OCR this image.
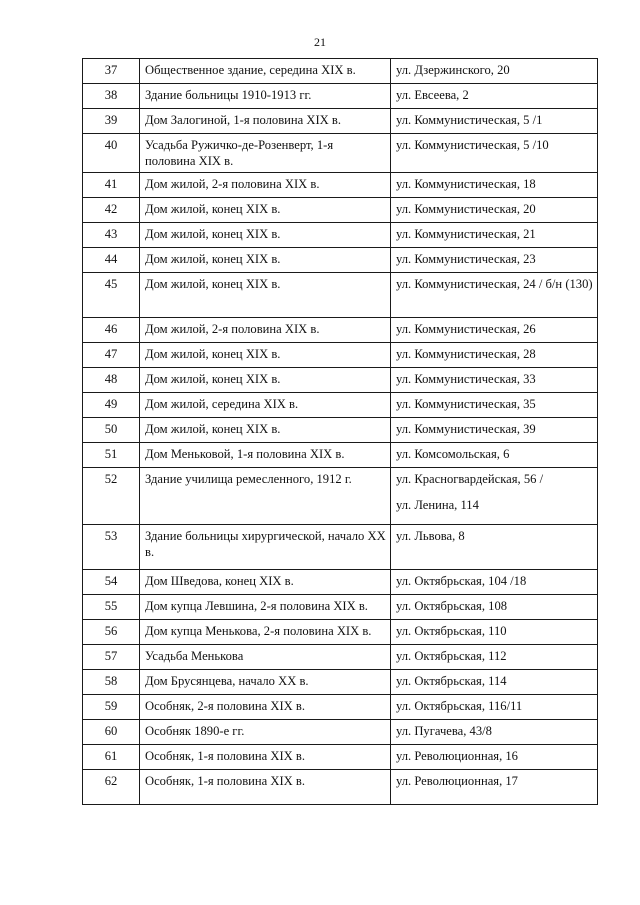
21
37	Общественное здание, середина XIX в.	ул. Дзержинского, 20

38	Здание больницы 1910-1913 гг.	ул. Евсеева, 2

39	Дом Залогиной, 1-я половина XIX в.	ул. Коммунистическая, 5 /1

40	Усадьба Ружичко-де-Розенверт, 1-я половина XIX в.	ул. Коммунистическая, 5 /10

41	Дом жилой, 2-я половина XIX в.	ул. Коммунистическая, 18

42	Дом жилой, конец XIX в.	ул. Коммунистическая, 20

43	Дом жилой, конец XIX в.	ул. Коммунистическая, 21

44	Дом жилой, конец XIX в.	ул. Коммунистическая, 23

45	Дом жилой, конец XIX в.	ул. Коммунистическая, 24 / б/н (130)

46	Дом жилой, 2-я половина XIX в.	ул. Коммунистическая, 26

47	Дом жилой, конец XIX в.	ул. Коммунистическая, 28

48	Дом жилой, конец XIX в.	ул. Коммунистическая, 33

49	Дом жилой, середина XIX в.	ул. Коммунистическая, 35

50	Дом жилой, конец XIX в.	ул. Коммунистическая, 39

51	Дом Меньковой, 1-я половина XIX в.	ул. Комсомольская, 6

52	Здание училища ремесленного, 1912 г.	ул. Красногвардейская, 56 /
ул. Ленина, 114

53	Здание больницы хирургической, начало XX в.	ул. Львова, 8

54	Дом Шведова, конец XIX в.	ул. Октябрьская, 104 /18

55	Дом купца Левшина, 2-я половина XIX в.	ул. Октябрьская, 108

56	Дом купца Менькова, 2-я половина XIX в.	ул. Октябрьская, 110

57	Усадьба Менькова	ул. Октябрьская, 112

58	Дом Брусянцева, начало XX в.	ул. Октябрьская, 114

59	Особняк, 2-я половина XIX в.	ул. Октябрьская, 116/11

60	Особняк 1890-е гг.	ул. Пугачева, 43/8

61	Особняк, 1-я половина XIX в.	ул. Революционная, 16

62	Особняк, 1-я половина XIX в.	ул. Революционная, 17
